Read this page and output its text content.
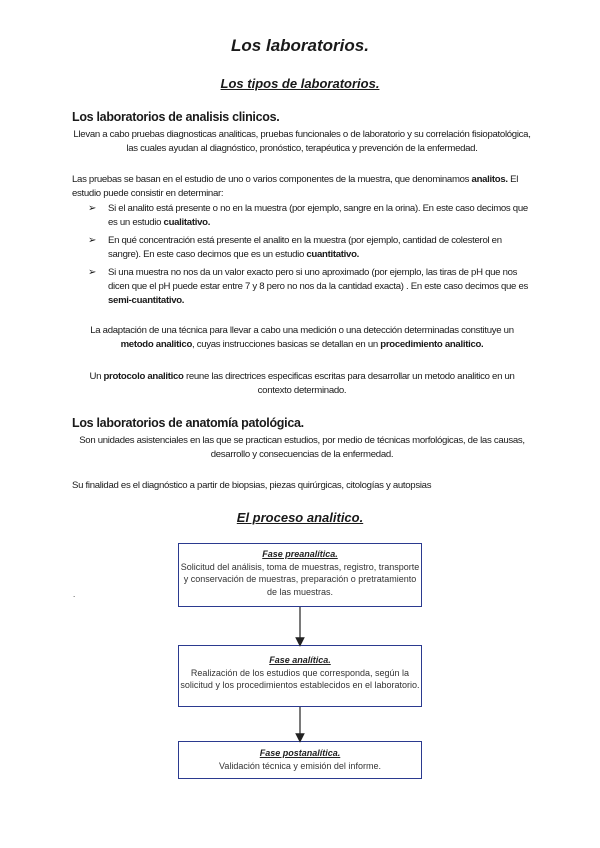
Los laboratorios.
Los tipos de laboratorios.
Los laboratorios de analisis clinicos.

Llevan a cabo pruebas diagnosticas analiticas, pruebas funcionales o de laboratorio y su correlación fisiopatológica, las cuales ayudan al diagnóstico, pronóstico, terapéutica y prevención de la enfermedad.

Las pruebas se basan en el estudio de uno o varios componentes de la muestra, que denominamos analitos. El estudio puede consistir en determinar:

➢ Si el analito está presente o no en la muestra (por ejemplo, sangre en la orina). En este caso decimos que es un estudio cualitativo.
➢ En qué concentración está presente el analito en la muestra (por ejemplo, cantidad de colesterol en sangre). En este caso decimos que es un estudio cuantitativo.
➢ Si una muestra no nos da un valor exacto pero si uno aproximado (por ejemplo, las tiras de pH que nos dicen que el pH puede estar entre 7 y 8 pero no nos da la cantidad exacta) . En este caso decimos que es semi-cuantitativo.

La adaptación de una técnica para llevar a cabo una medición o una detección determinadas constituye un metodo analitico, cuyas instrucciones basicas se detallan en un procedimiento analitico.

Un protocolo analitico reune las directrices especificas escritas para desarrollar un metodo analitico en un contexto determinado.

Los laboratorios de anatomía patológica.

Son unidades asistenciales en las que se practican estudios, por medio de técnicas morfológicas, de las causas, desarrollo y consecuencias de la enfermedad.

Su finalidad es el diagnóstico a partir de biopsias, piezas quirúrgicas, citologías y autopsias

El proceso analitico.
.
Fase preanalítica.
Solicitud del análisis, toma de muestras, registro, transporte y conservación de muestras, preparación o pretratamiento de las muestras.
Fase analítica.
Realización de los estudios que corresponda, según la solicitud y los procedimientos establecidos en el laboratorio.
Fase postanalítica.
Validación técnica y emisión del informe.
